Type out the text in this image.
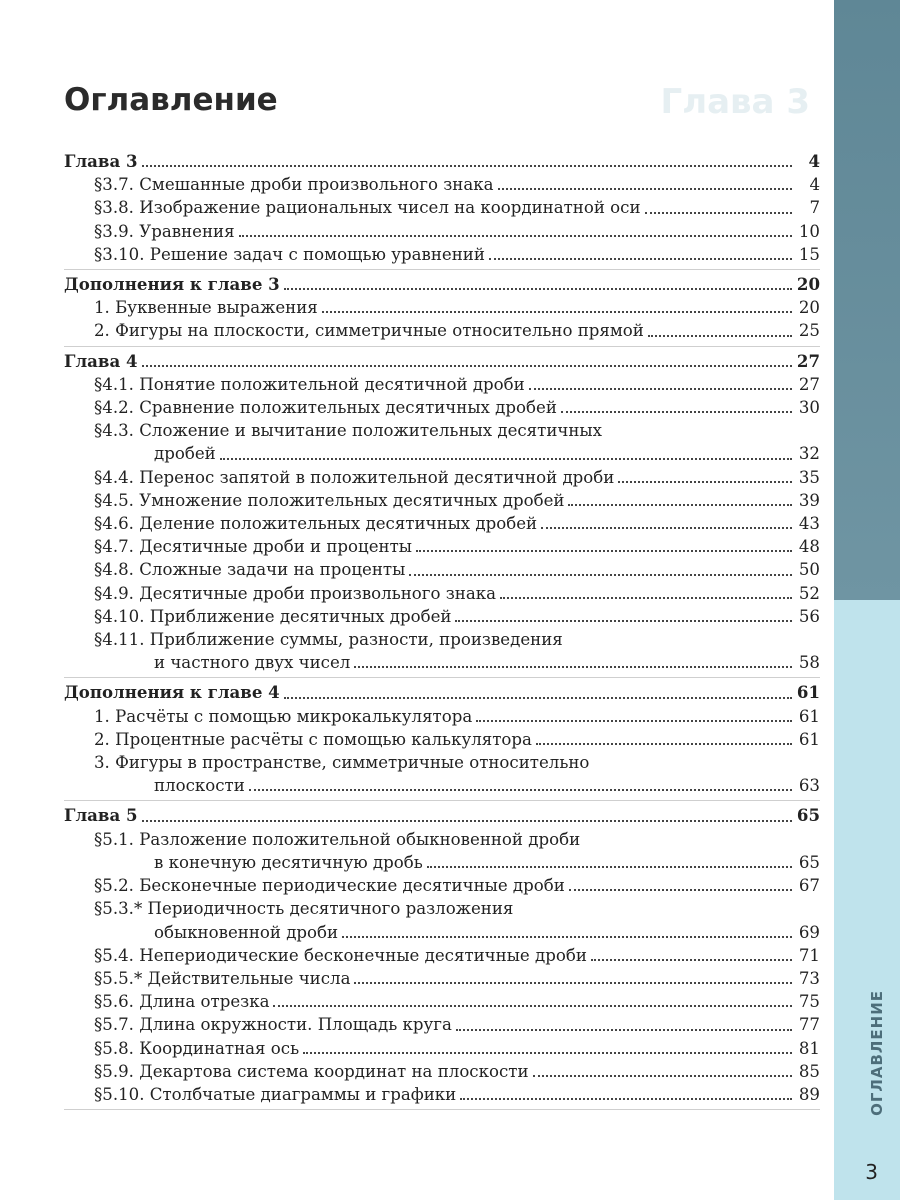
ОГЛАВЛЕНИЕ
3
Глава 3
Оглавление
Глава 3	4
§3.7. Смешанные дроби произвольного знака	4
§3.8. Изображение рациональных чисел на координатной оси	7
§3.9. Уравнения	10
§3.10. Решение задач с помощью уравнений	15
Дополнения к главе 3	20
1. Буквенные выражения	20
2. Фигуры на плоскости, симметричные относительно прямой	25
Глава 4	27
§4.1. Понятие положительной десятичной дроби	27
§4.2. Сравнение положительных десятичных дробей	30
§4.3. Сложение и вычитание положительных десятичных
дробей	32
§4.4. Перенос запятой в положительной десятичной дроби	35
§4.5. Умножение положительных десятичных дробей	39
§4.6. Деление положительных десятичных дробей	43
§4.7. Десятичные дроби и проценты	48
§4.8. Сложные задачи на проценты	50
§4.9. Десятичные дроби произвольного знака	52
§4.10. Приближение десятичных дробей	56
§4.11. Приближение суммы, разности, произведения
и частного двух чисел	58
Дополнения к главе 4	61
1. Расчёты с помощью микрокалькулятора	61
2. Процентные расчёты с помощью калькулятора	61
3. Фигуры в пространстве, симметричные относительно
плоскости	63
Глава 5	65
§5.1. Разложение положительной обыкновенной дроби
в конечную десятичную дробь	65
§5.2. Бесконечные периодические десятичные дроби	67
§5.3.* Периодичность десятичного разложения
обыкновенной дроби	69
§5.4. Непериодические бесконечные десятичные дроби	71
§5.5.* Действительные числа	73
§5.6. Длина отрезка	75
§5.7. Длина окружности. Площадь круга	77
§5.8. Координатная ось	81
§5.9. Декартова система координат на плоскости	85
§5.10. Столбчатые диаграммы и графики	89
